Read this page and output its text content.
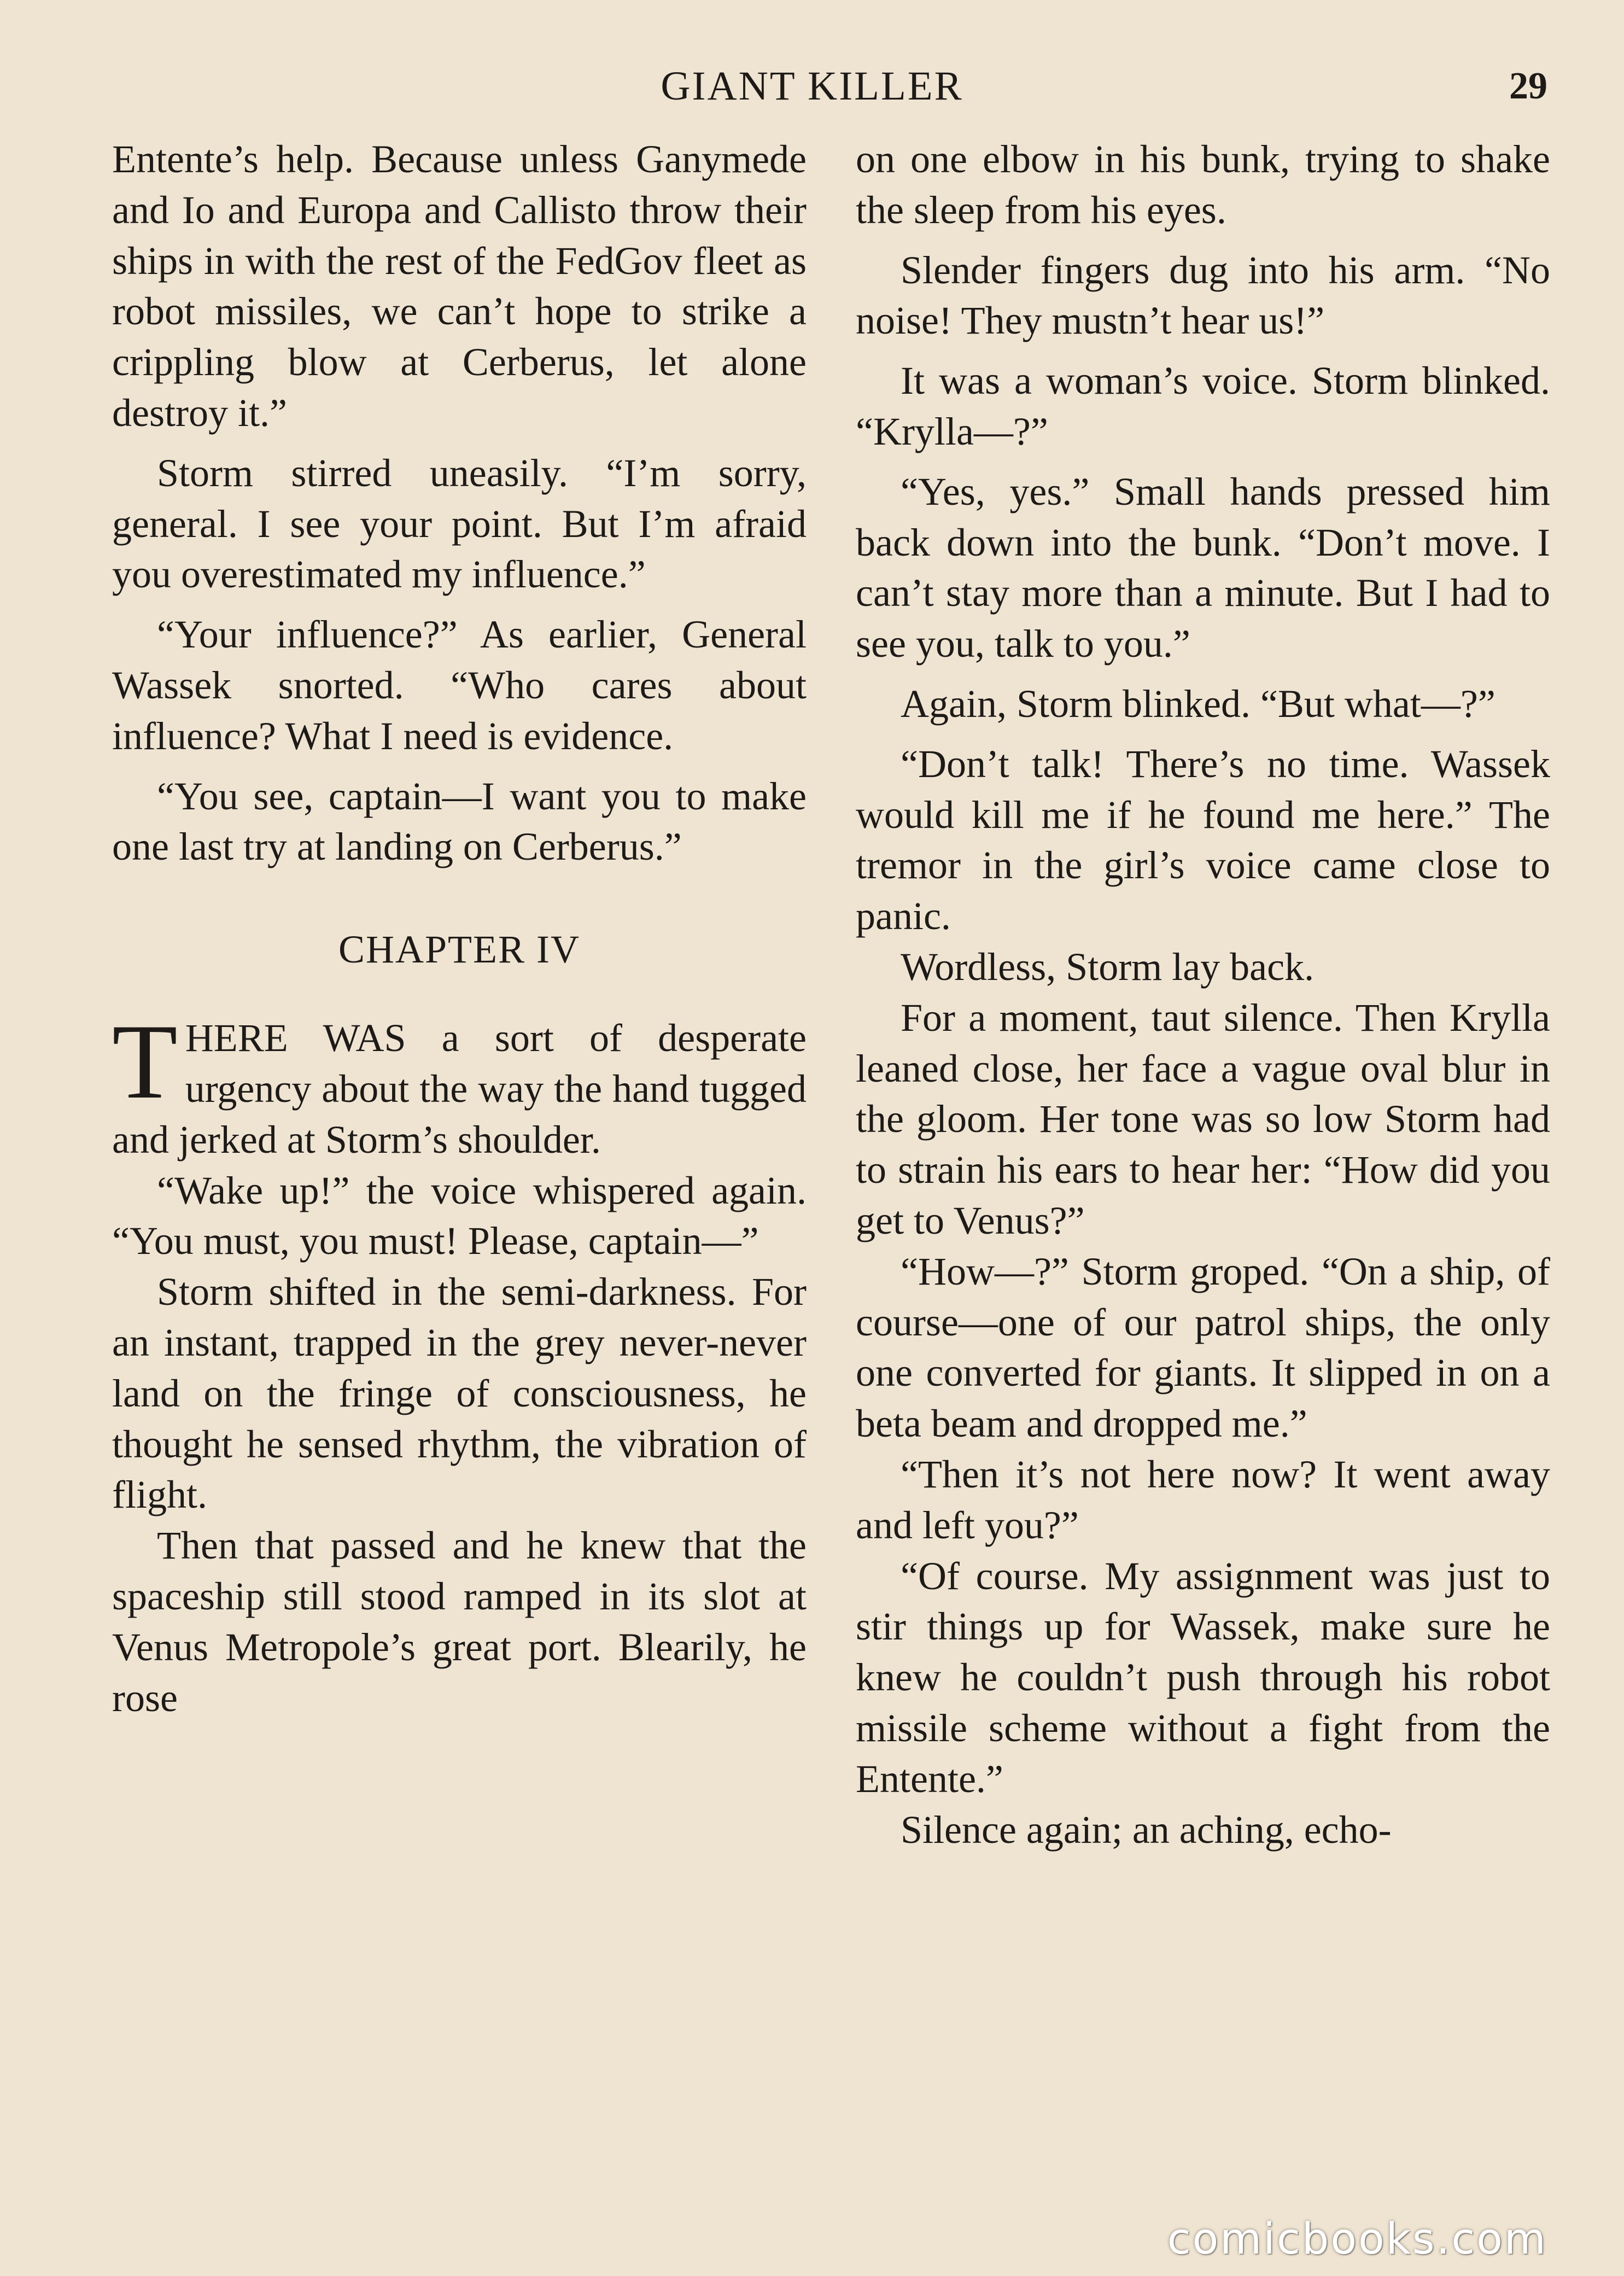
GIANT KILLER	29

Entente’s help. Because unless Ganymede and Io and Europa and Callisto throw their ships in with the rest of the FedGov fleet as robot missiles, we can’t hope to strike a crippling blow at Cerberus, let alone destroy it.”

Storm stirred uneasily. “I’m sorry, general. I see your point. But I’m afraid you overestimated my influence.”

“Your influence?” As earlier, General Wassek snorted. “Who cares about influence? What I need is evidence.

“You see, captain—I want you to make one last try at landing on Cerberus.”

CHAPTER IV

THERE WAS a sort of desperate urgency about the way the hand tugged and jerked at Storm’s shoulder.

“Wake up!” the voice whispered again. “You must, you must! Please, captain—”

Storm shifted in the semi-darkness. For an instant, trapped in the grey never-never land on the fringe of consciousness, he thought he sensed rhythm, the vibration of flight.

Then that passed and he knew that the spaceship still stood ramped in its slot at Venus Metropole’s great port. Blearily, he rose

on one elbow in his bunk, trying to shake the sleep from his eyes.

Slender fingers dug into his arm. “No noise! They mustn’t hear us!”

It was a woman’s voice. Storm blinked. “Krylla—?”

“Yes, yes.” Small hands pressed him back down into the bunk. “Don’t move. I can’t stay more than a minute. But I had to see you, talk to you.”

Again, Storm blinked. “But what—?”

“Don’t talk! There’s no time. Wassek would kill me if he found me here.” The tremor in the girl’s voice came close to panic.

Wordless, Storm lay back.

For a moment, taut silence. Then Krylla leaned close, her face a vague oval blur in the gloom. Her tone was so low Storm had to strain his ears to hear her: “How did you get to Venus?”

“How—?” Storm groped. “On a ship, of course—one of our patrol ships, the only one converted for giants. It slipped in on a beta beam and dropped me.”

“Then it’s not here now? It went away and left you?”

“Of course. My assignment was just to stir things up for Wassek, make sure he knew he couldn’t push through his robot missile scheme without a fight from the Entente.”

Silence again; an aching, echo-

comicbooks.com
